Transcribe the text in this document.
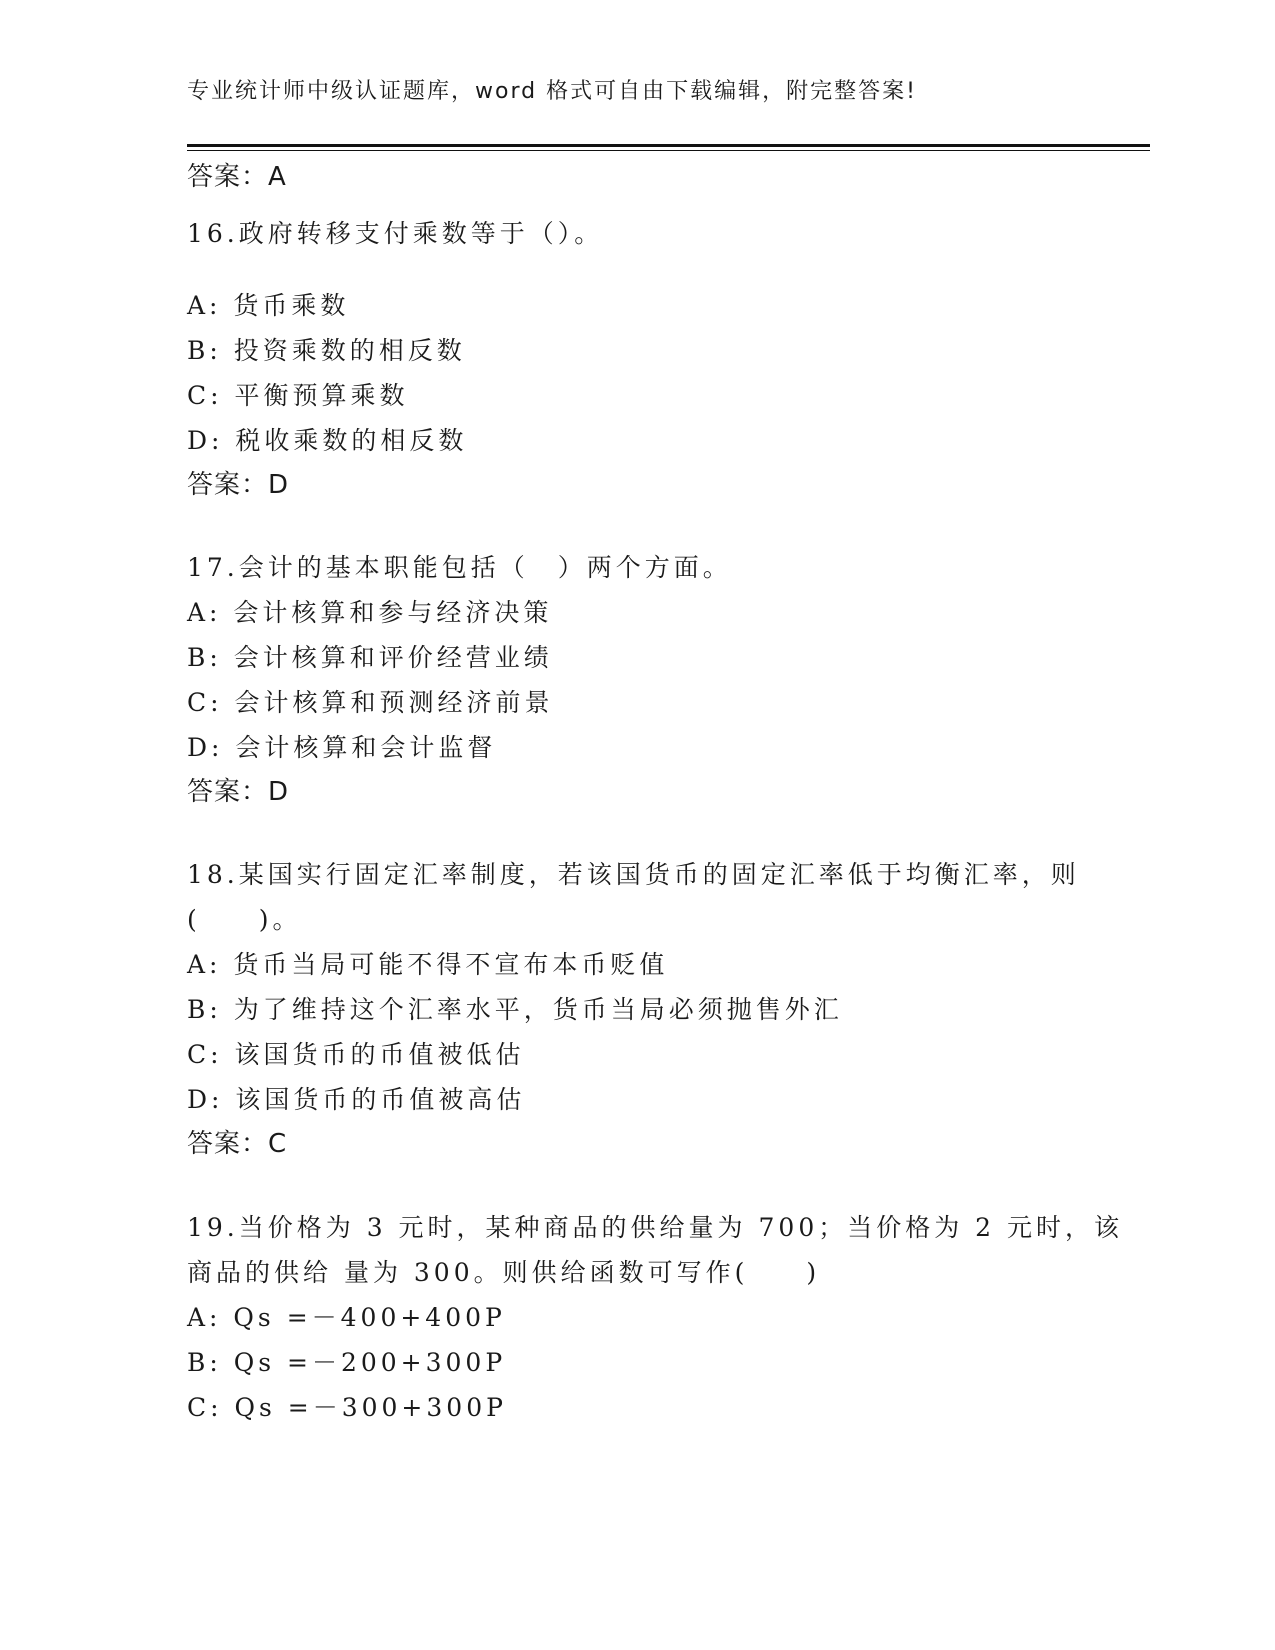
专业统计师中级认证题库，word 格式可自由下载编辑，附完整答案!
答案：A
16.政府转移支付乘数等于（）。
A: 货币乘数
B: 投资乘数的相反数
C: 平衡预算乘数
D: 税收乘数的相反数
答案：D
17.会计的基本职能包括（　）两个方面。
A: 会计核算和参与经济决策
B: 会计核算和评价经营业绩
C: 会计核算和预测经济前景
D: 会计核算和会计监督
答案：D
18.某国实行固定汇率制度，若该国货币的固定汇率低于均衡汇率，则
(　　)。
A: 货币当局可能不得不宣布本币贬值
B: 为了维持这个汇率水平，货币当局必须抛售外汇
C: 该国货币的币值被低估
D: 该国货币的币值被高估
答案：C
19.当价格为 3 元时，某种商品的供给量为 700；当价格为 2 元时，该
商品的供给 量为 300。则供给函数可写作(　　)
A: Qs =－400+400P
B: Qs =－200+300P
C: Qs =－300+300P
